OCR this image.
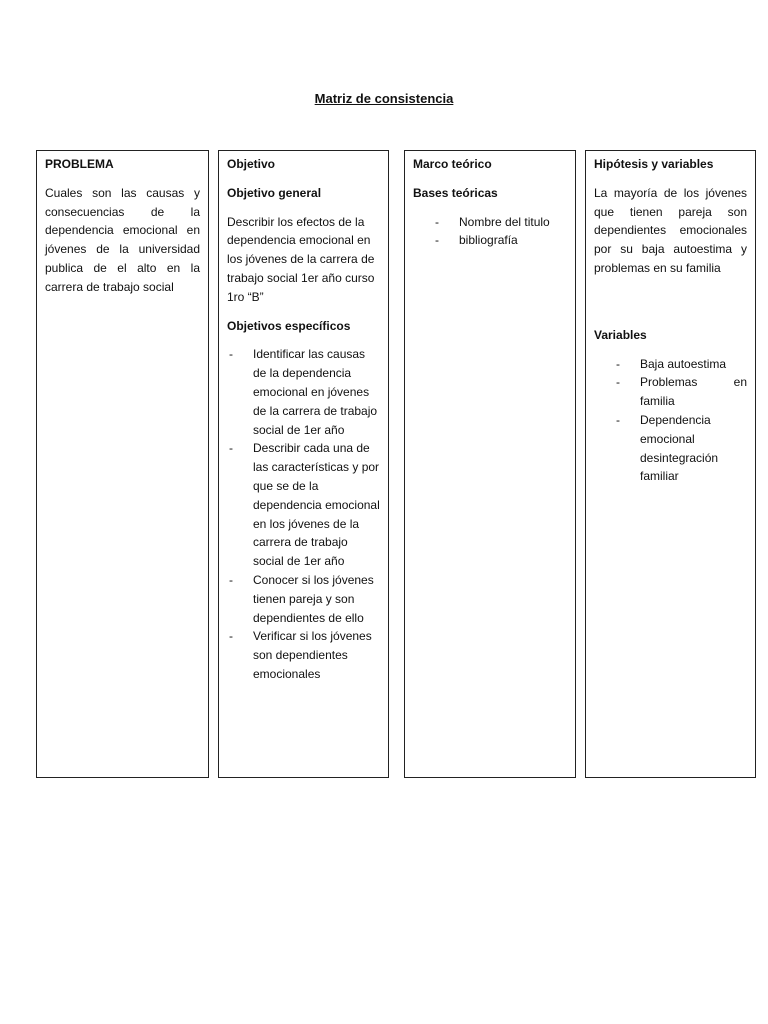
Matriz de consistencia
PROBLEMA
Cuales son las causas y consecuencias de la dependencia emocional en jóvenes de la universidad publica de el alto en la carrera de trabajo social
Objetivo
Objetivo general
Describir los efectos de la dependencia emocional en los jóvenes de la carrera de trabajo social 1er año curso 1ro “B”
Objetivos específicos
- Identificar las causas de la dependencia emocional en jóvenes de la carrera de trabajo social de 1er año
- Describir cada una de las características y por que se de la dependencia emocional en los jóvenes de la carrera de trabajo social de 1er año
- Conocer si los jóvenes tienen pareja y son dependientes de ello
- Verificar si los jóvenes son dependientes emocionales
Marco teórico
Bases teóricas
- Nombre del titulo
- bibliografía
Hipótesis y variables
La mayoría de los jóvenes que tienen pareja son dependientes emocionales por su baja autoestima y problemas en su familia
Variables
- Baja autoestima
- Problemas en familia
- Dependencia emocional desintegración familiar
